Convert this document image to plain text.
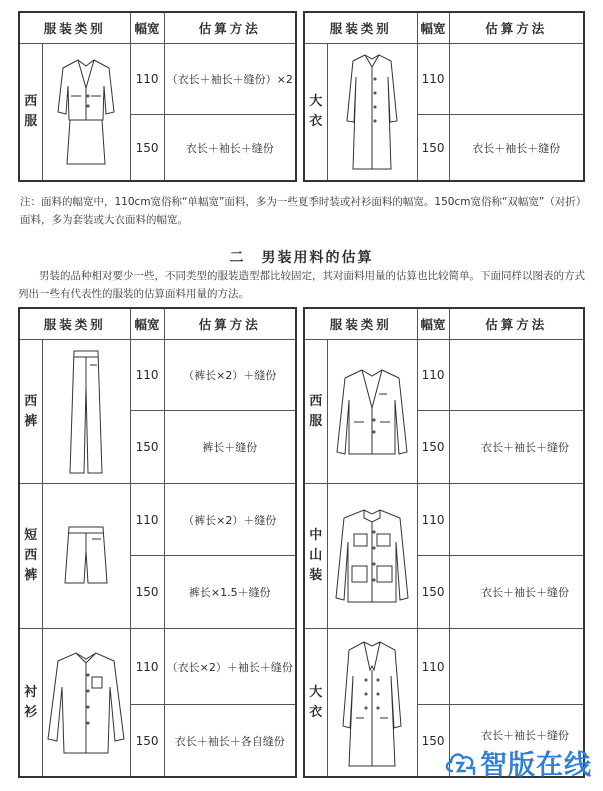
服装类别		幅宽	估算方法

西
服		110	（衣长＋袖长＋缝份）×2
		150	衣长＋袖长＋缝份
服装类别		幅宽	估算方法

大
衣		110	
		150	衣长＋袖长＋缝份

注：面料的幅宽中，110cm宽俗称“单幅宽”面料，多为一些夏季时装或衬衫面料的幅宽。150cm宽俗称“双幅宽”（对折）面料，多为套装或大衣面料的幅宽。

二　男装用料的估算

男装的品种相对要少一些，不同类型的服装造型都比较固定，其对面料用量的估算也比较简单。下面同样以图表的方式列出一些有代表性的服装的估算面料用量的方法。

服装类别		幅宽	估算方法

西
裤		110	（裤长×2）＋缝份
		150	裤长＋缝份

短
西
裤		110	（裤长×2）＋缝份
		150	裤长×1.5＋缝份

衬
衫		110	（衣长×2）＋袖长＋缝份
		150	衣长＋袖长＋各自缝份
服装类别		幅宽	估算方法

西
服		110	
		150	衣长＋袖长＋缝份

中
山
装		110	
		150	衣长＋袖长＋缝份

大
衣		110	
		150	衣长＋袖长＋缝份
智版在线
